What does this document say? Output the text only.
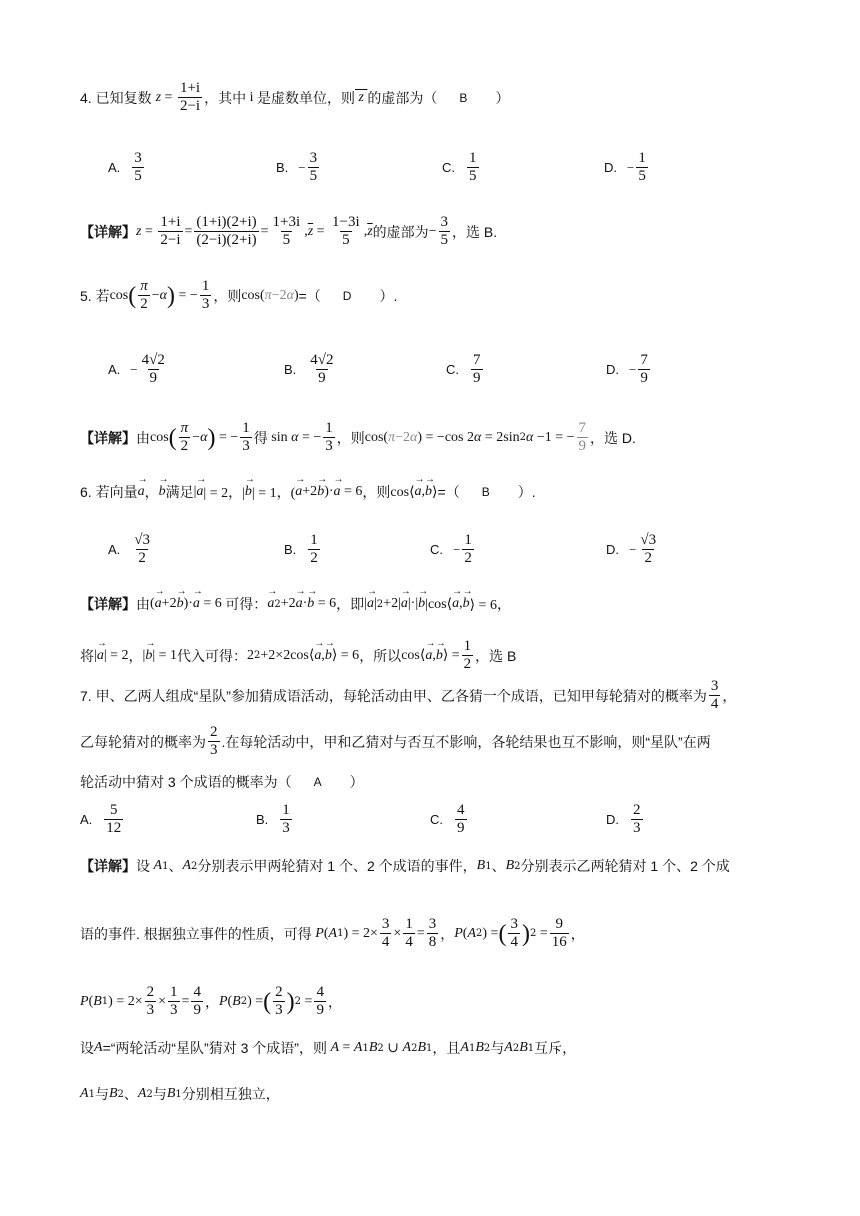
4. 已知复数 $z = \frac{1+i}{2-i}$ ，其中 i 是虚数单位，则 z 的虚部为（ B ）
A. $\frac{3}{5}$	B. − $\frac{3}{5}$	C. $\frac{1}{5}$	D. − $\frac{1}{5}$
【详解】 $z = \frac{1+i}{2-i} = \frac{(1+i)(2+i)}{(2-i)(2+i)} = \frac{1+3i}{5}$ , $\overline{z} = \frac{1-3i}{5}$ , $\overline{z}$ 的虚部为 − $\frac{3}{5}$ ，选 B.
5. 若 cos ( $\frac{\pi}{2} - \alpha$ ) = − $\frac{1}{3}$ ，则 cos( π −2 α ) =（ D ）.
A. − $\frac{4√2}{9}$	B. $\frac{4√2}{9}$	C. $\frac{7}{9}$	D. − $\frac{7}{9}$
【详解】 由 cos ( $\frac{\pi}{2} - \alpha$ ) = − $\frac{1}{3}$ 得 sin α = − $\frac{1}{3}$ ，则 cos( π −2 α ) = −cos 2 α = 2sin 2 α −1 = − $\frac{7}{9}$ ，选 D.
6. 若向量 → a ， → b 满足 | → a | = 2，| → b | = 1，( → a +2 → b )· → a = 6 ，则 cos⟨ → a , → b ⟩ =（ B ）.
A. $\frac{√3}{2}$	B. $\frac{1}{2}$	C. − $\frac{1}{2}$	D. − $\frac{√3}{2}$
【详解】 由 ( → a +2 → b )· → a = 6 可得： → a 2 +2 → a · → b = 6 ，即 | → a | 2 +2| → a |·| → b |cos⟨ → a , → b ⟩ = 6，
将 | → a | = 2 ， | → b | = 1 代入可得： 2 2 +2×2cos⟨ → a , → b ⟩ = 6 ，所以 cos⟨ → a , → b ⟩ = $\frac{1}{2}$ ，选 B
7. 甲、乙两人组成“星队”参加猜成语活动，每轮活动由甲、乙各猜一个成语，已知甲每轮猜对的概率为 $\frac{3}{4}$ ，
乙每轮猜对的概率为 $\frac{2}{3}$ .在每轮活动中，甲和乙猜对与否互不影响，各轮结果也互不影响，则“星队”在两
轮活动中猜对 3 个成语的概率为（ A ）
A. $\frac{5}{12}$	B. $\frac{1}{3}$	C. $\frac{4}{9}$	D. $\frac{2}{3}$
【详解】 设 A 1 、 A 2 分别表示甲两轮猜对 1 个、2 个成语的事件， B 1 、 B 2 分别表示乙两轮猜对 1 个、2 个成
语的事件. 根据独立事件的性质，可得 P ( A 1 ) = $2\times \frac{3}{4} \times \frac{1}{4} = \frac{3}{8}$ ， P ( A 2 ) = ( $\frac{3}{4}$ ) $2 = \frac{9}{16}$ ，
P ( B 1 ) = $2\times \frac{2}{3} \times \frac{1}{3} = \frac{4}{9}$ ， P ( B 2 ) = ( $\frac{2}{3}$ ) $2 = \frac{4}{9}$ ，
设 A =“两轮活动“星队”猜对 3 个成语”，则 A = A 1 B 2 ∪ A 2 B 1 ，且 A 1 B 2 与 A 2 B 1 互斥，
A 1 与 B 2 、 A 2 与 B 1 分别相互独立，
